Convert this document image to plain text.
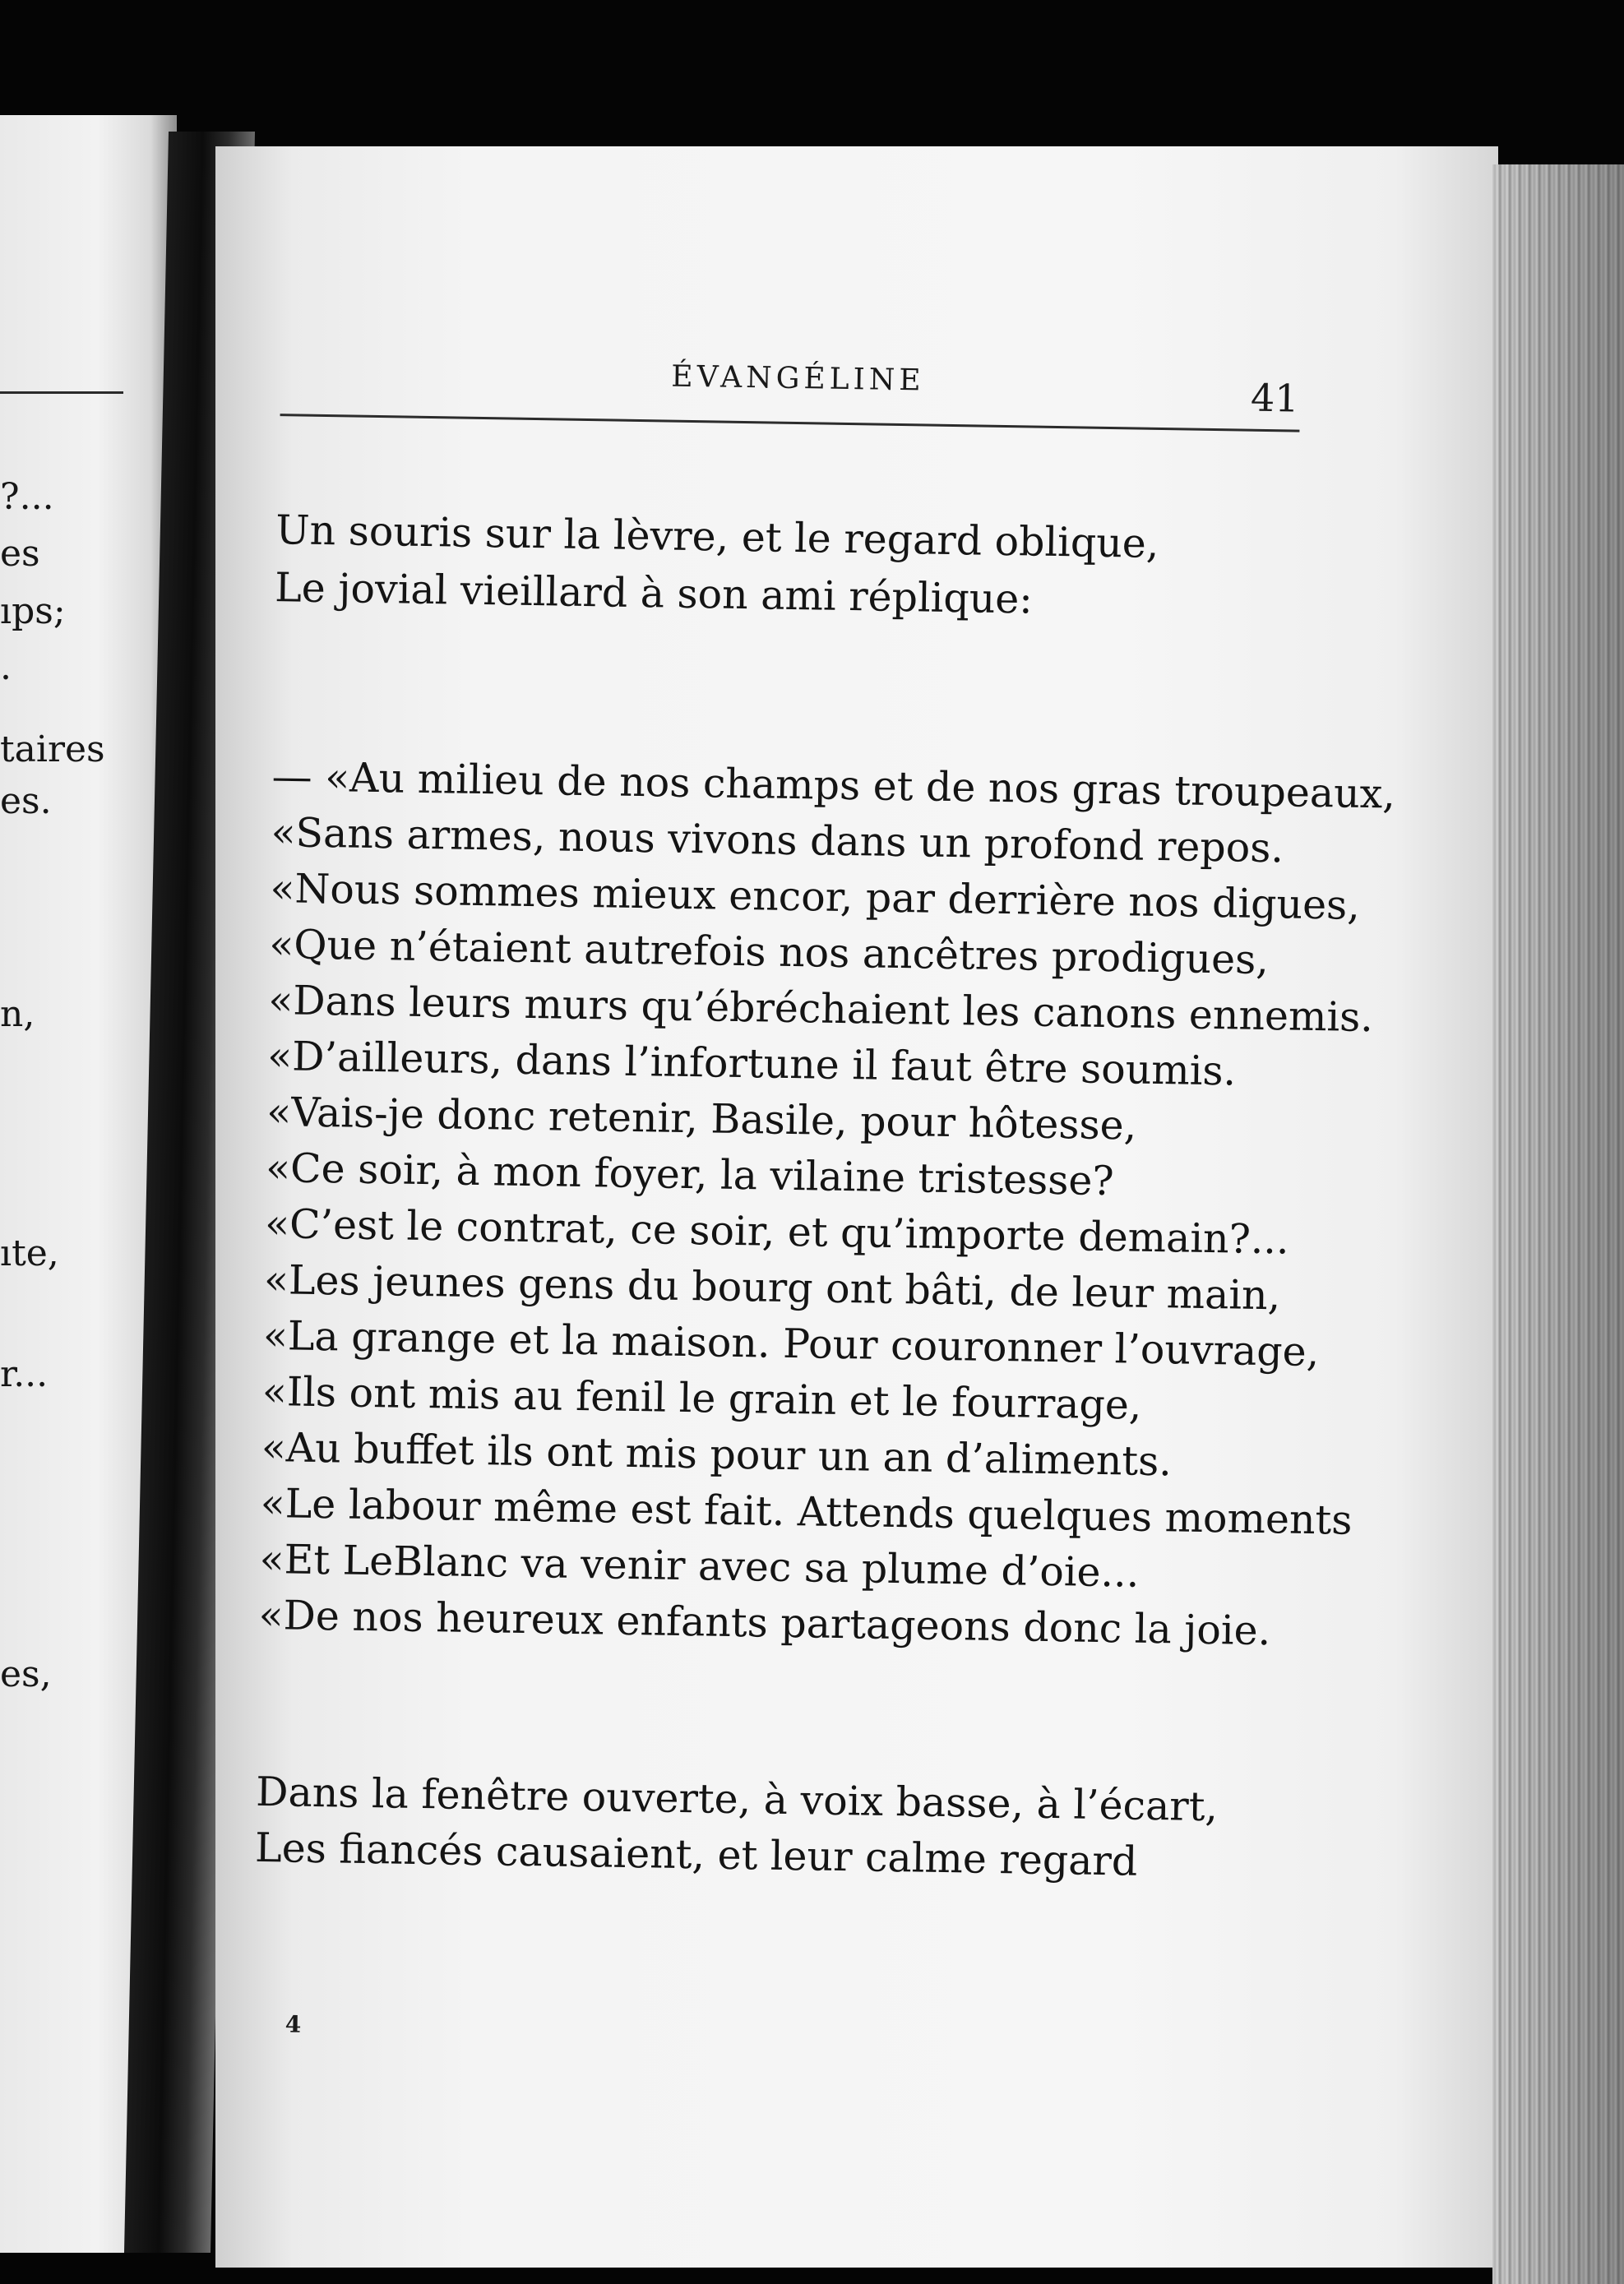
?...
es
ıps;
.
taires
es.
n,
ıte,
r...
es,
ÉVANGÉLINE	41
Un souris sur la lèvre, et le regard oblique,
Le jovial vieillard à son ami réplique:
— «Au milieu de nos champs et de nos gras troupeaux,
«Sans armes, nous vivons dans un profond repos.
«Nous sommes mieux encor, par derrière nos digues,
«Que n’étaient autrefois nos ancêtres prodigues,
«Dans leurs murs qu’ébréchaient les canons ennemis.
«D’ailleurs, dans l’infortune il faut être soumis.
«Vais-je donc retenir, Basile, pour hôtesse,
«Ce soir, à mon foyer, la vilaine tristesse?
«C’est le contrat, ce soir, et qu’importe demain?...
«Les jeunes gens du bourg ont bâti, de leur main,
«La grange et la maison. Pour couronner l’ouvrage,
«Ils ont mis au fenil le grain et le fourrage,
«Au buffet ils ont mis pour un an d’aliments.
«Le labour même est fait. Attends quelques moments
«Et LeBlanc va venir avec sa plume d’oie...
«De nos heureux enfants partageons donc la joie.
Dans la fenêtre ouverte, à voix basse, à l’écart,
Les fiancés causaient, et leur calme regard
4
